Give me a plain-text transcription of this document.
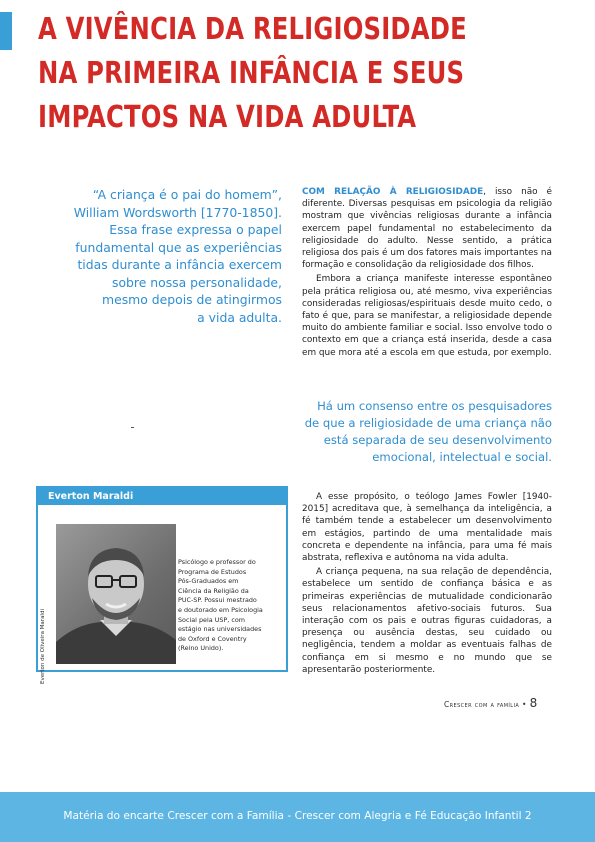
A VIVÊNCIA DA RELIGIOSIDADE
NA PRIMEIRA INFÂNCIA E SEUS
IMPACTOS NA VIDA ADULTA
“A criança é o pai do homem”,
William Wordsworth [1770-1850].
Essa frase expressa o papel
fundamental que as experiências
tidas durante a infância exercem
sobre nossa personalidade,
mesmo depois de atingirmos
a vida adulta.

COM RELAÇÃO À RELIGIOSIDADE, isso não é diferente. Diversas pesquisas em psicologia da religião mostram que vivências religiosas durante a infância exercem papel fundamental no estabelecimento da religiosidade do adulto. Nesse sentido, a prática religiosa dos pais é um dos fatores mais importantes na formação e consolidação da religiosidade dos filhos.

Embora a criança manifeste interesse espontâneo pela prática religiosa ou, até mesmo, viva experiências consideradas religiosas/espirituais desde muito cedo, o fato é que, para se manifestar, a religiosidade depende muito do ambiente familiar e social. Isso envolve todo o contexto em que a criança está inserida, desde a casa em que mora até a escola em que estuda, por exemplo.

Há um consenso entre os pesquisadores
de que a religiosidade de uma criança não
está separada de seu desenvolvimento
emocional, intelectual e social.

A esse propósito, o teólogo James Fowler [1940-2015] acreditava que, à semelhança da inteligência, a fé também tende a estabelecer um desenvolvimento em estágios, partindo de uma mentalidade mais concreta e dependente na infância, para uma fé mais abstrata, reflexiva e autônoma na vida adulta.

A criança pequena, na sua relação de dependência, estabelece um sentido de confiança básica e as primeiras experiências de mutualidade condicionarão seus relacionamentos afetivo-sociais futuros. Sua interação com os pais e outras figuras cuidadoras, a presença ou ausência destas, seu cuidado ou negligência, tendem a moldar as eventuais falhas de confiança em si mesmo e no mundo que se apresentarão posteriormente.

Everton Maraldi
Everton de Oliveira Maraldi
Psicólogo e professor do
Programa de Estudos
Pós-Graduados em
Ciência da Religião da
PUC-SP. Possui mestrado
e doutorado em Psicologia
Social pela USP, com
estágio nas universidades
de Oxford e Coventry
(Reino Unido).
Crescer com a família • 8
Matéria do encarte Crescer com a Família - Crescer com Alegria e Fé Educação Infantil 2
